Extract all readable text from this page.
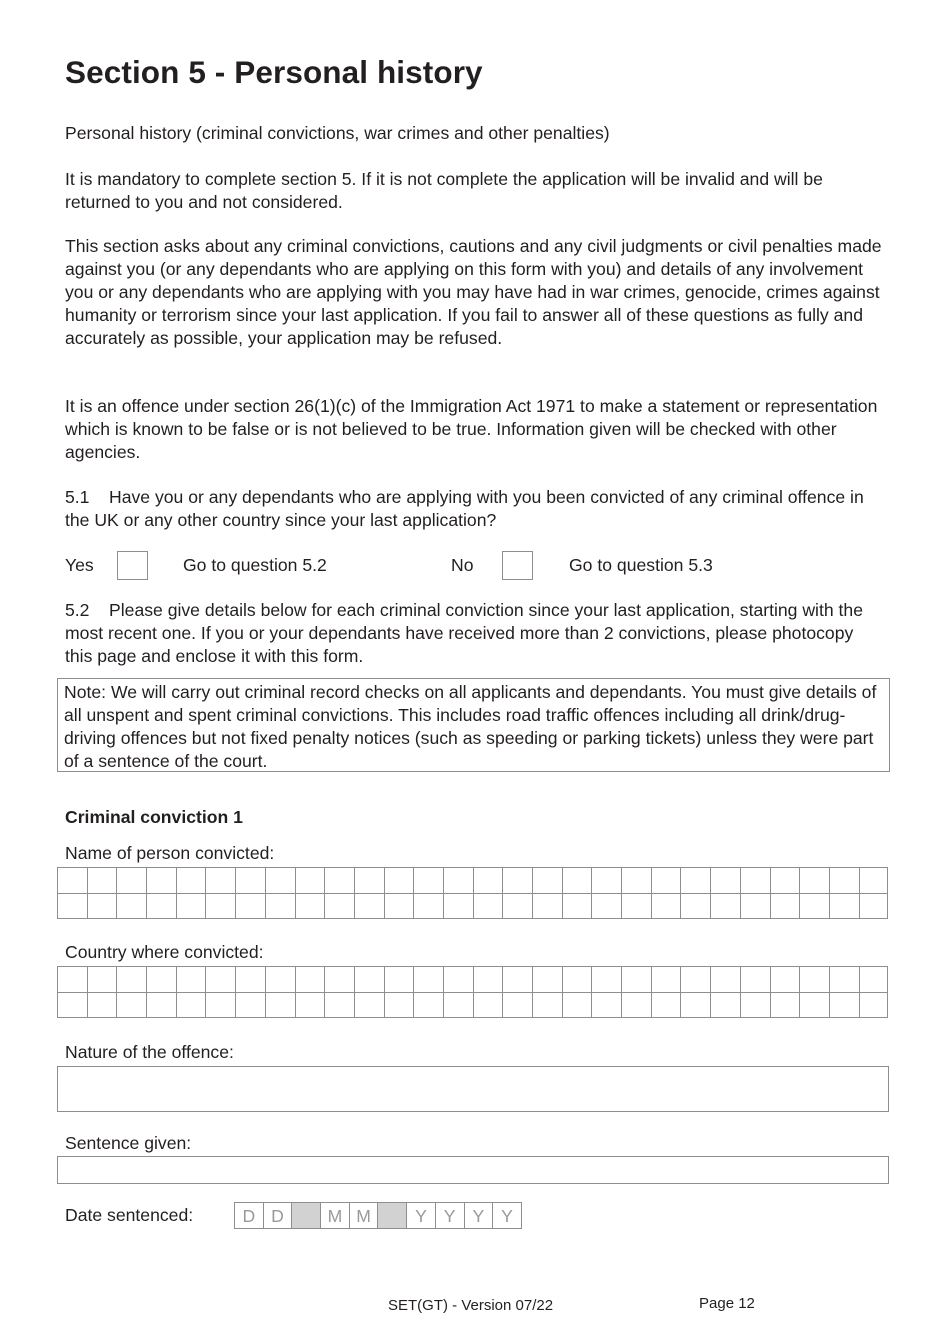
Section 5 - Personal history

Personal history (criminal convictions, war crimes and other penalties)

It is mandatory to complete section 5. If it is not complete the application will be invalid and will be returned to you and not considered.

This section asks about any criminal convictions, cautions and any civil judgments or civil penalties made against you (or any dependants who are applying on this form with you) and details of any involvement you or any dependants who are applying with you may have had in war crimes, genocide, crimes against humanity or terrorism since your last application. If you fail to answer all of these questions as fully and accurately as possible, your application may be refused.

It is an offence under section 26(1)(c) of the Immigration Act 1971 to make a statement or representation which is known to be false or is not believed to be true. Information given will be checked with other agencies.

5.1    Have you or any dependants who are applying with you been convicted of any criminal offence in the UK or any other country since your last application?

Yes	Go to question 5.2	No	Go to question 5.3

5.2    Please give details below for each criminal conviction since your last application, starting with the most recent one. If you or your dependants have received more than 2 convictions, please photocopy this page and enclose it with this form.

Note: We will carry out criminal record checks on all applicants and dependants. You must give details of all unspent and spent criminal convictions. This includes road traffic offences including all drink/drug-driving offences but not fixed penalty notices (such as speeding or parking tickets) unless they were part of a sentence of the court.
Criminal conviction 1
Name of person convicted:
Country where convicted:
Nature of the offence:
Sentence given:
Date sentenced:	D D	M M	Y Y Y Y
SET(GT) - Version 07/22	Page 12
